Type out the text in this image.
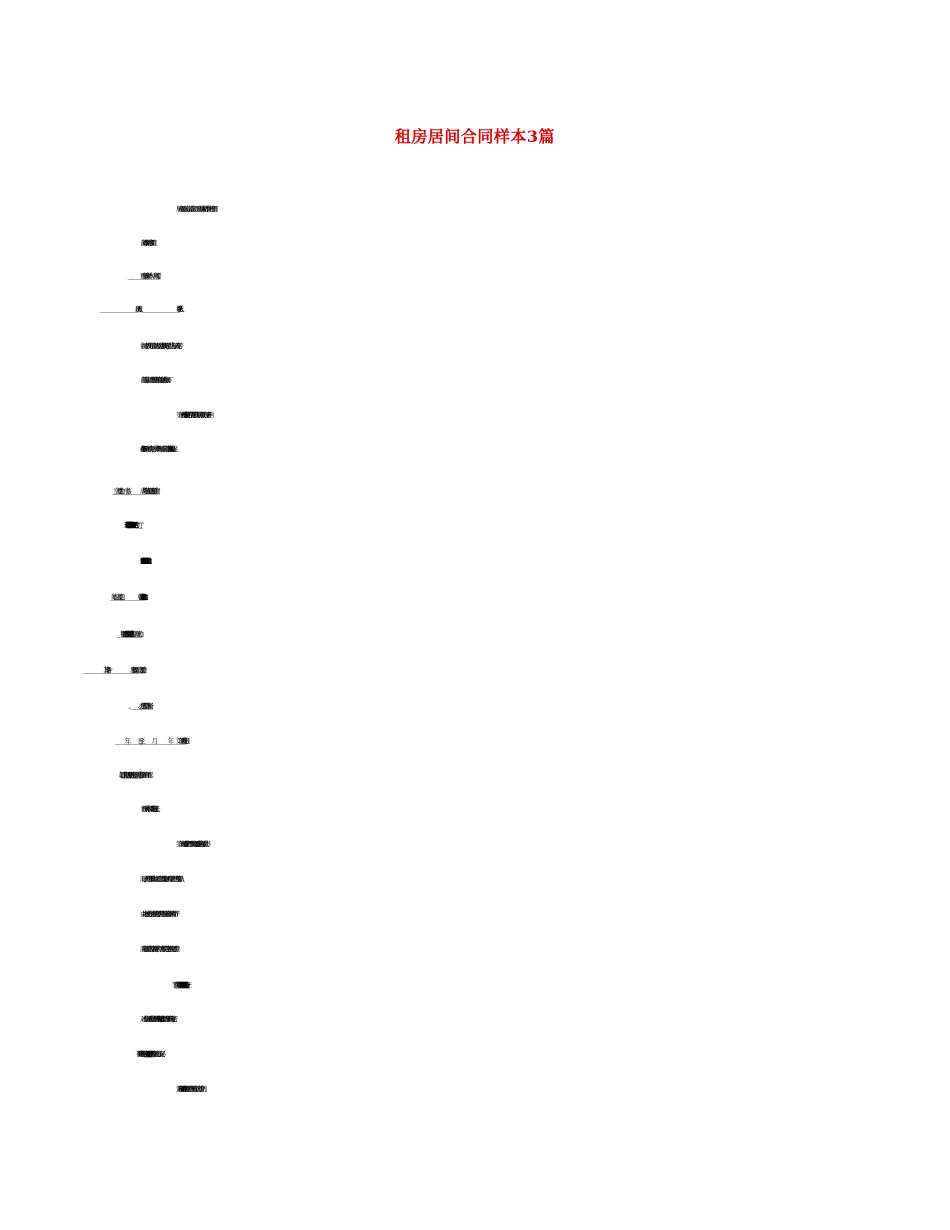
租房居间合同样本3篇
居间合同是双务、有偿、诺成合同。以下是小编为大家精心准备的：租房居间
合同样本3篇，欢迎参考阅读!
依据《中华人民共和国合同法》及相关法律法规的规定，委托人与居间人在平等、
自愿的基础上，就房屋租赁居间的有关事宜达成协议如下：
第一条　委托事项 甲方委托乙方在委托期限内为其居间寻找符合以下条件的
房屋(必备条件请在方格内划钩，参考条件请划圈，未选条件请划斜线)，并协助促
接口□;空调□;天然气□;煤气□;集中供暖□;土暖气□;热水器□;电话□;电视机
__月________日。 超过以上期限仍需要居间服务的，双方另行签订居间合同或以
书面形式将本合同委托期限延长。
第三条　现场看房 乙方应陪同甲方到房屋现场看房。 乙方应当制做看房的书
面记录，列明房屋的具体地址、看房时间及其他事项。看房记录需经甲方签字确认，
由双方各执一份。 乙方为甲方寻找的房屋不满足甲方提出的必备条件或者甲方不
满足出租人提出的特别条件要求的，甲方有权拒绝签字并拒绝支付看房费。
第四条　甲方义务(一)应出示身份证_______等真实的身份资格证明；(二)应
对乙方的居间活动提供必要的协助与配合；(三)应对乙方提供的房屋资料保守秘密；
(四)不得在委托期限内及期限届满后____日内与乙方介绍的出租人进行私下交易。
第五条　乙方义务 (一)应出示营业执照、房地产经纪机构资质证书等合法的
